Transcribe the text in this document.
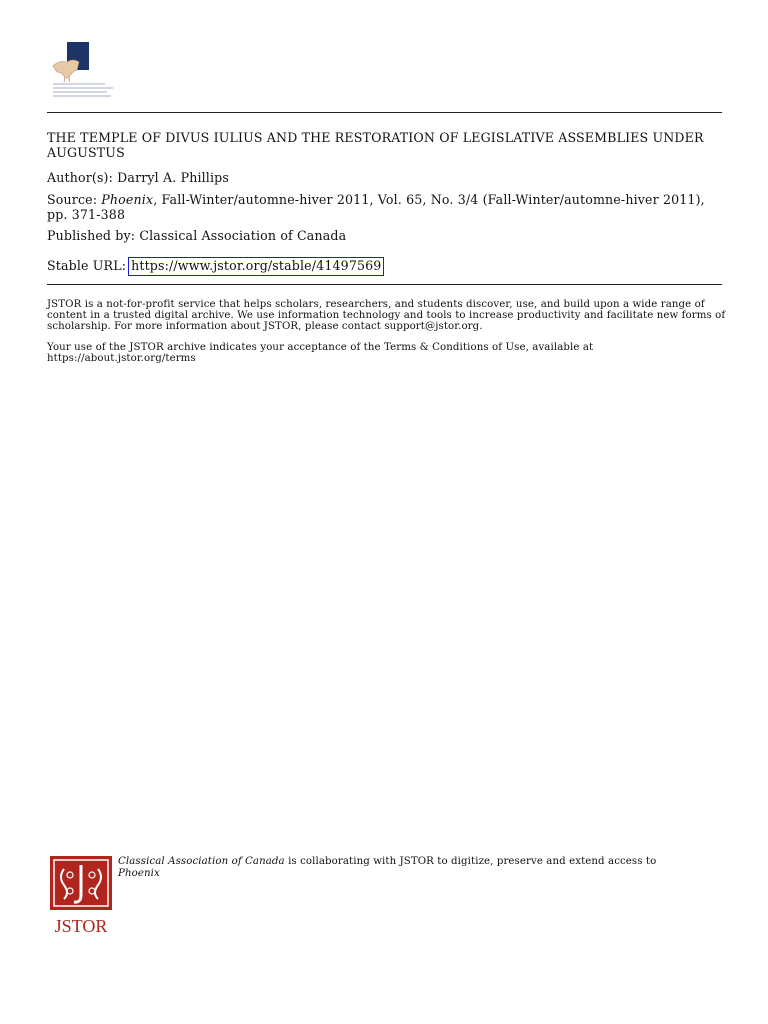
THE TEMPLE OF DIVUS IULIUS AND THE RESTORATION OF LEGISLATIVE ASSEMBLIES UNDER AUGUSTUS
Author(s): Darryl A. Phillips
Source: Phoenix, Fall-Winter/automne-hiver 2011, Vol. 65, No. 3/4 (Fall-Winter/automne-hiver 2011), pp. 371-388
Published by: Classical Association of Canada
Stable URL: https://www.jstor.org/stable/41497569
JSTOR is a not-for-profit service that helps scholars, researchers, and students discover, use, and build upon a wide range of content in a trusted digital archive. We use information technology and tools to increase productivity and facilitate new forms of scholarship. For more information about JSTOR, please contact support@jstor.org.
Your use of the JSTOR archive indicates your acceptance of the Terms & Conditions of Use, available at https://about.jstor.org/terms
JSTOR
Classical Association of Canada is collaborating with JSTOR to digitize, preserve and extend access to Phoenix
